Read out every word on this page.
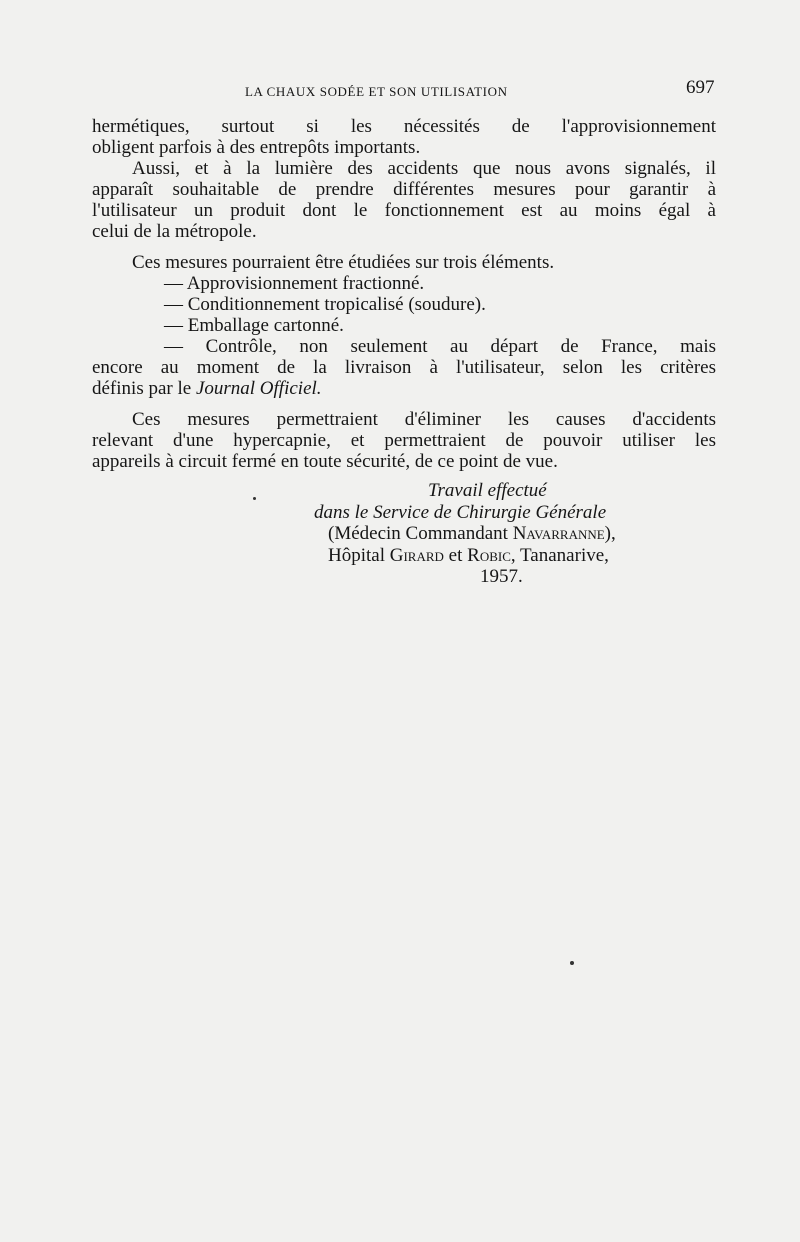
LA CHAUX SODÉE ET SON UTILISATION	697
hermétiques, surtout si les nécessités de l'approvisionnement
obligent parfois à des entrepôts importants.
Aussi, et à la lumière des accidents que nous avons signalés, il
apparaît souhaitable de prendre différentes mesures pour garantir à
l'utilisateur un produit dont le fonctionnement est au moins égal à
celui de la métropole.
Ces mesures pourraient être étudiées sur trois éléments.
— Approvisionnement fractionné.
— Conditionnement tropicalisé (soudure).
— Emballage cartonné.
— Contrôle, non seulement au départ de France, mais
encore au moment de la livraison à l'utilisateur, selon les critères
définis par le Journal Officiel.
Ces mesures permettraient d'éliminer les causes d'accidents
relevant d'une hypercapnie, et permettraient de pouvoir utiliser les
appareils à circuit fermé en toute sécurité, de ce point de vue.
Travail effectué
dans le Service de Chirurgie Générale
(Médecin Commandant Navarranne),
Hôpital Girard et Robic, Tananarive,
1957.
